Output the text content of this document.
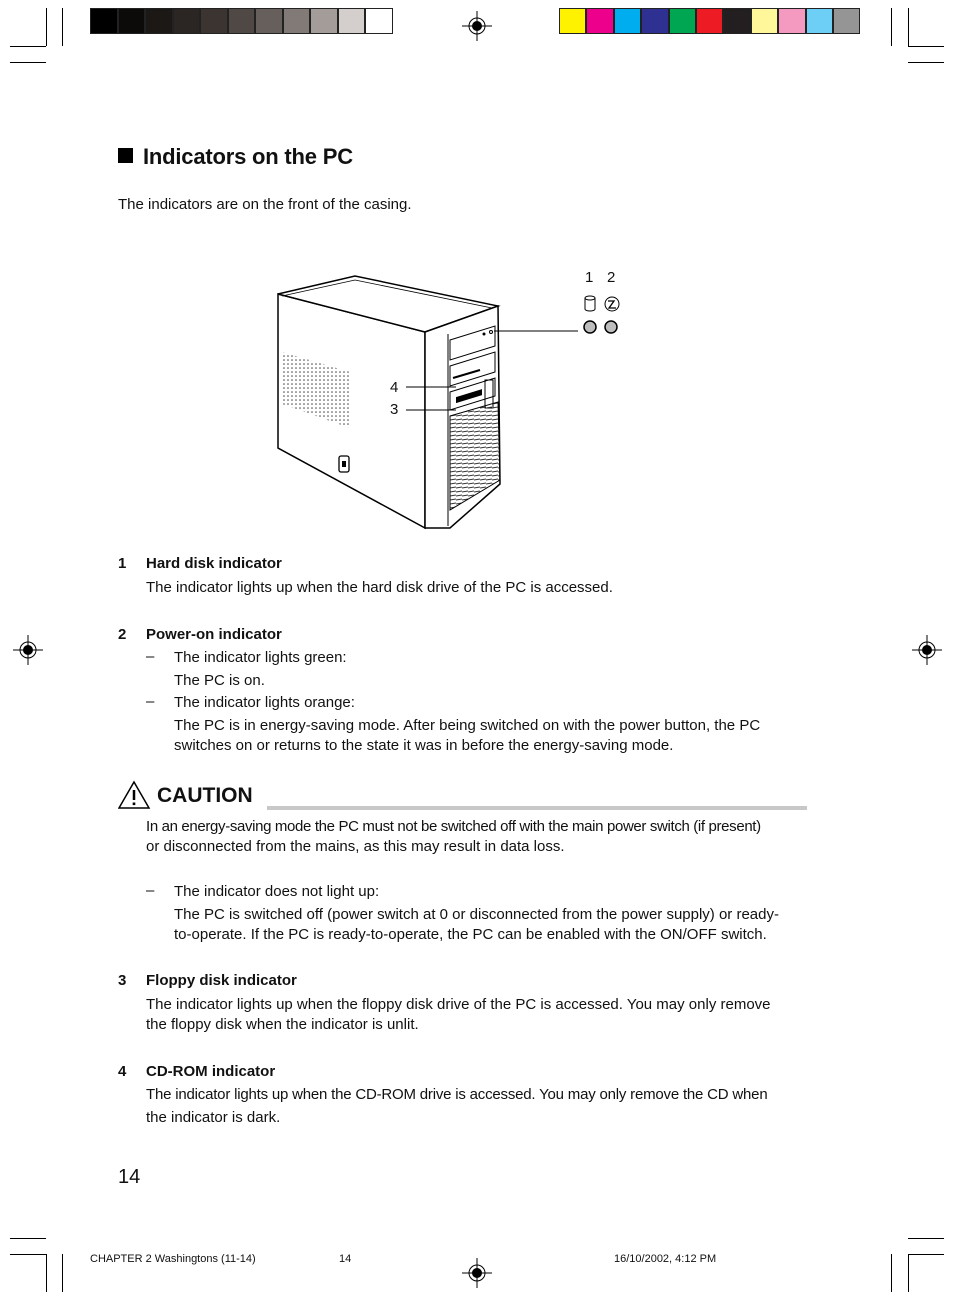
Indicators on the PC
The indicators are on the front of the casing.
1 2
4
3
1 Hard disk indicator
The indicator lights up when the hard disk drive of the PC is accessed.
2 Power-on indicator
– The indicator lights green:
The PC is on.
– The indicator lights orange:
The PC is in energy-saving mode. After being switched on with the power button, the PC
switches on or returns to the state it was in before the energy-saving mode.
CAUTION
In an energy-saving mode the PC must not be switched off with the main power switch (if present)
or disconnected from the mains, as this may result in data loss.
– The indicator does not light up:
The PC is switched off (power switch at 0 or disconnected from the power supply) or ready-
to-operate. If the PC is ready-to-operate, the PC can be enabled with the ON/OFF switch.
3 Floppy disk indicator
The indicator lights up when the floppy disk drive of the PC is accessed. You may only remove
the floppy disk when the indicator is unlit.
4 CD-ROM indicator
The indicator lights up when the CD-ROM drive is accessed. You may only remove the CD when
the indicator is dark.
14
CHAPTER 2 Washingtons (11-14)	14	16/10/2002, 4:12 PM
